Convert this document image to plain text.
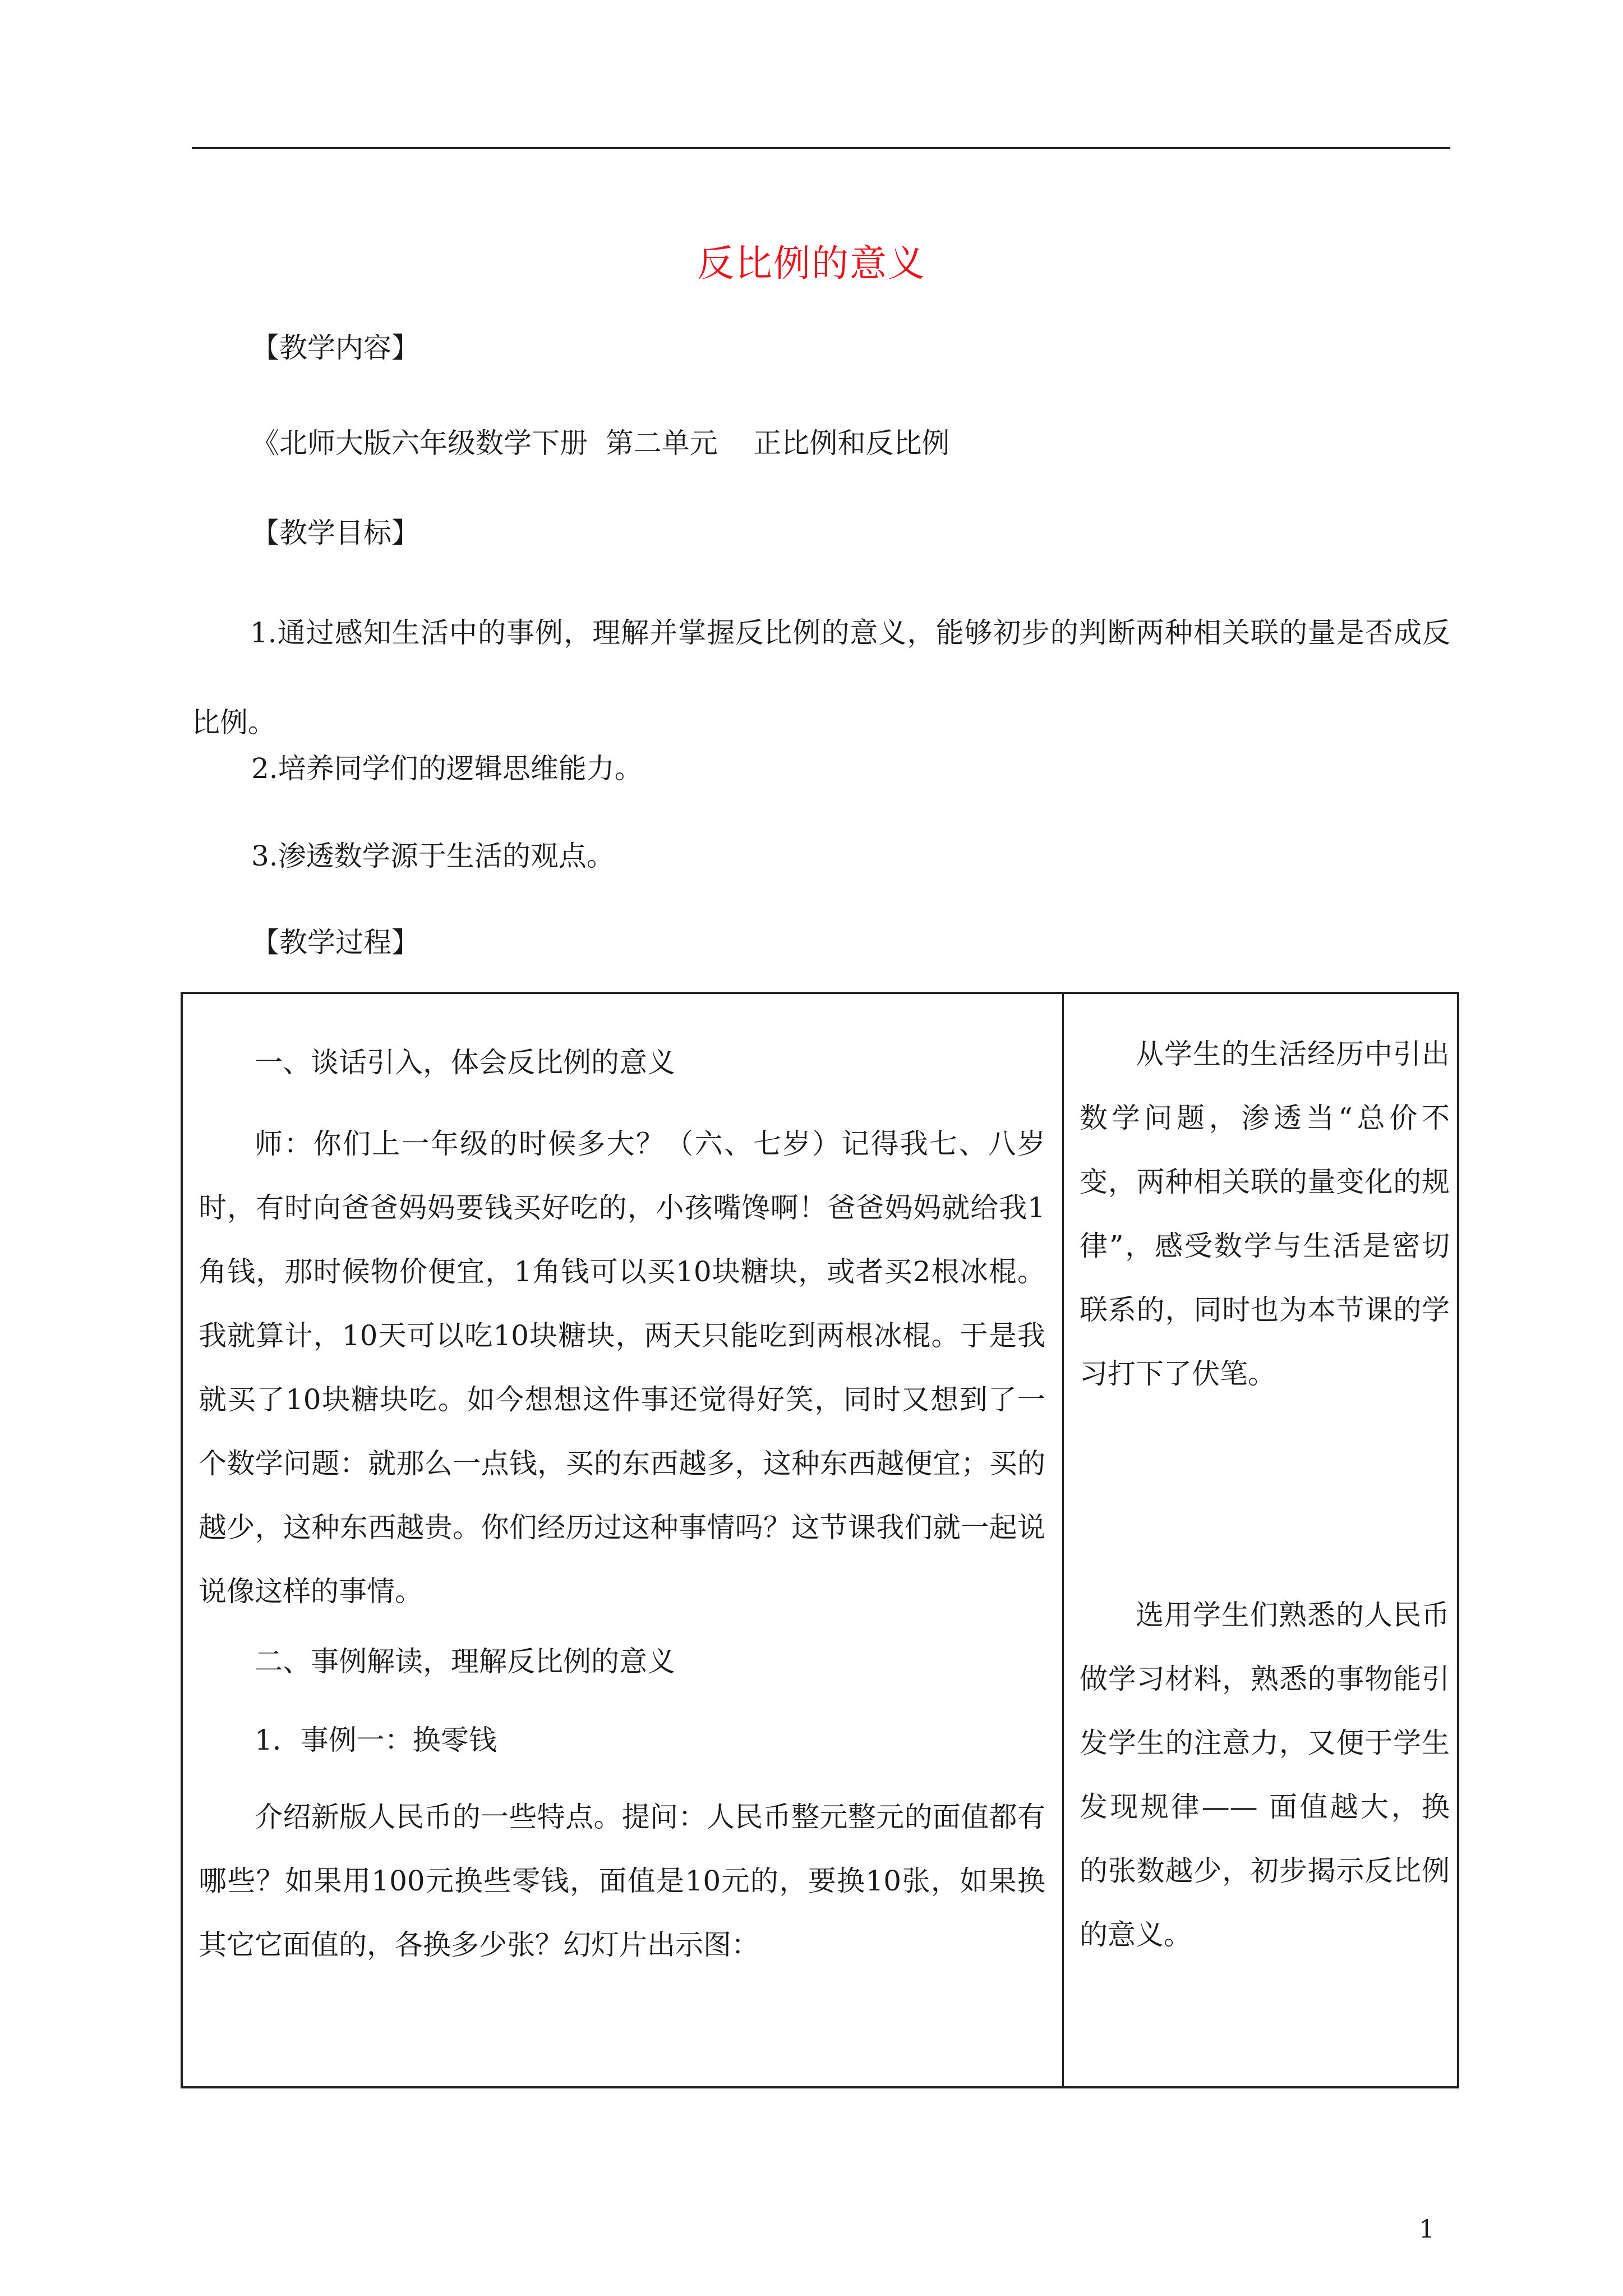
反比例的意义
【教学内容】
《北师大版六年级数学下册  第二单元    正比例和反比例
【教学目标】
1.通过感知生活中的事例，理解并掌握反比例的意义，能够初步的判断两种相关联的量是否成反比例。
2.培养同学们的逻辑思维能力。
3.渗透数学源于生活的观点。
【教学过程】
一、谈话引入，体会反比例的意义
师：你们上一年级的时候多大？（六、七岁）记得我七、八岁时，有时向爸爸妈妈要钱买好吃的，小孩嘴馋啊！爸爸妈妈就给我1角钱，那时候物价便宜，1角钱可以买10块糖块，或者买2根冰棍。我就算计，10天可以吃10块糖块，两天只能吃到两根冰棍。于是我就买了10块糖块吃。如今想想这件事还觉得好笑，同时又想到了一个数学问题：就那么一点钱，买的东西越多，这种东西越便宜；买的越少，这种东西越贵。你们经历过这种事情吗？这节课我们就一起说说像这样的事情。
二、事例解读，理解反比例的意义
1．事例一：换零钱
介绍新版人民币的一些特点。提问：人民币整元整元的面值都有哪些？如果用100元换些零钱，面值是10元的，要换10张，如果换其它它面值的，各换多少张？幻灯片出示图：
从学生的生活经历中引出数学问题，渗透当“总价不变，两种相关联的量变化的规律”，感受数学与生活是密切联系的，同时也为本节课的学习打下了伏笔。
选用学生们熟悉的人民币做学习材料，熟悉的事物能引发学生的注意力，又便于学生发现规律—— 面值越大，换的张数越少，初步揭示反比例的意义。
1
